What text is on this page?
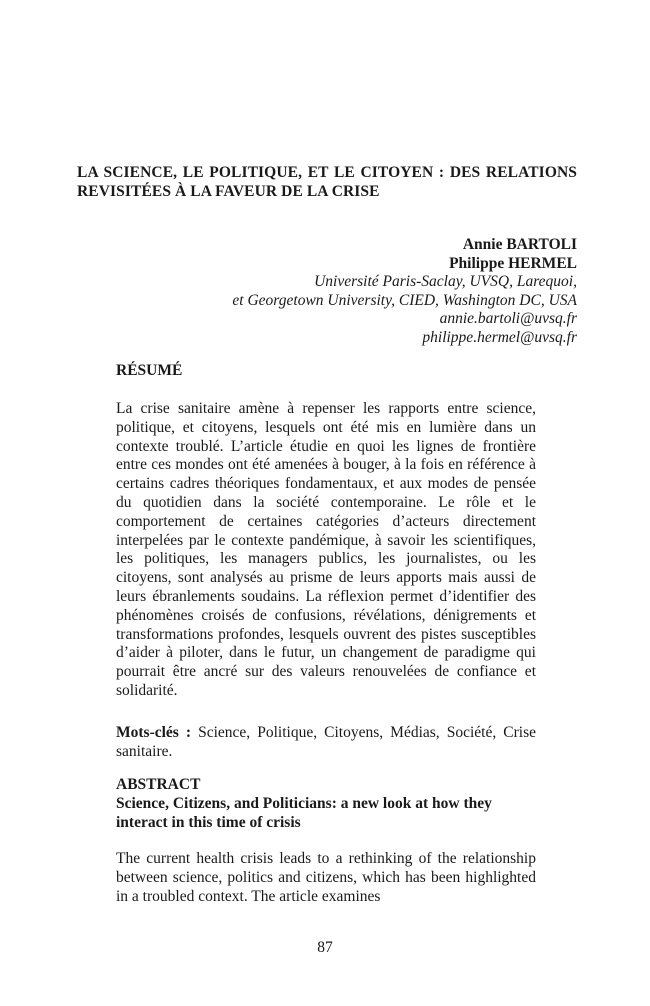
LA SCIENCE, LE POLITIQUE, ET LE CITOYEN : DES RELATIONS REVISITÉES À LA FAVEUR DE LA CRISE
Annie BARTOLI
Philippe HERMEL
Université Paris-Saclay, UVSQ, Larequoi,
et Georgetown University, CIED, Washington DC, USA
annie.bartoli@uvsq.fr
philippe.hermel@uvsq.fr
RÉSUMÉ

La crise sanitaire amène à repenser les rapports entre science, politique, et citoyens, lesquels ont été mis en lumière dans un contexte troublé. L’article étudie en quoi les lignes de frontière entre ces mondes ont été amenées à bouger, à la fois en référence à certains cadres théoriques fondamentaux, et aux modes de pensée du quotidien dans la société contemporaine. Le rôle et le comportement de certaines catégories d’acteurs directement interpelées par le contexte pandémique, à savoir les scientifiques, les politiques, les managers publics, les journalistes, ou les citoyens, sont analysés au prisme de leurs apports mais aussi de leurs ébranlements soudains. La réflexion permet d’identifier des phénomènes croisés de confusions, révélations, dénigrements et transformations profondes, lesquels ouvrent des pistes susceptibles d’aider à piloter, dans le futur, un changement de paradigme qui pourrait être ancré sur des valeurs renouvelées de confiance et solidarité.

Mots-clés : Science, Politique, Citoyens, Médias, Société, Crise sanitaire.

ABSTRACT

Science, Citizens, and Politicians: a new look at how they interact in this time of crisis

The current health crisis leads to a rethinking of the relationship between science, politics and citizens, which has been highlighted in a troubled context. The article examines

87
